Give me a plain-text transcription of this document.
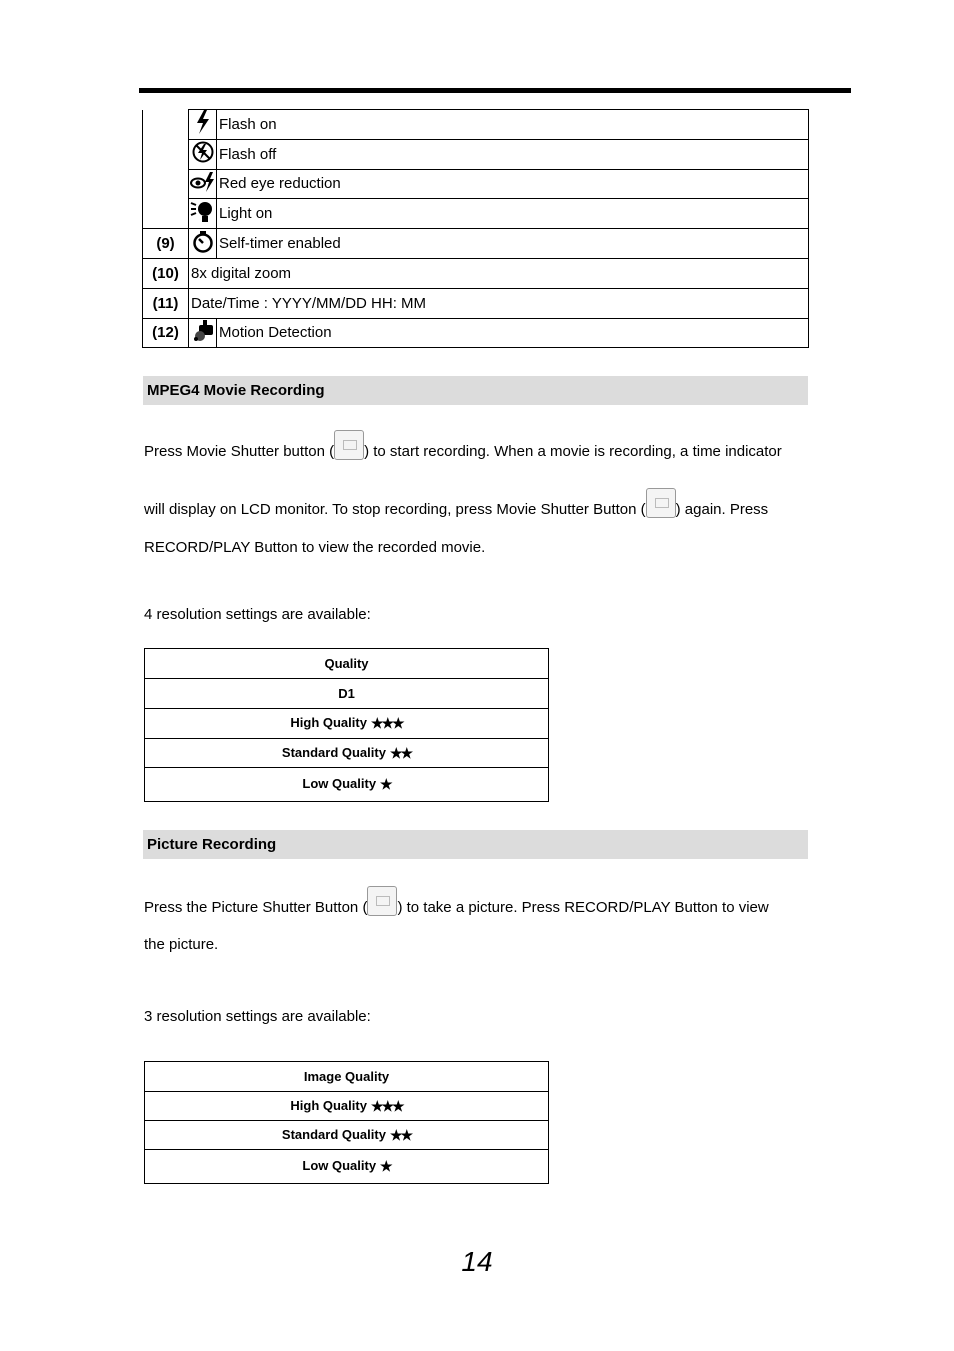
		Flash on
		Flash off
		Red eye reduction
		Light on
(9)		Self-timer enabled
(10)	8x digital zoom	
(11)	Date/Time : YYYY/MM/DD HH: MM	
(12)		Motion Detection
MPEG4 Movie Recording
Press Movie Shutter button ( ) to start recording. When a movie is recording, a time indicator
will display on LCD monitor. To stop recording, press Movie Shutter Button ( ) again. Press
RECORD/PLAY Button to view the recorded movie.
4 resolution settings are available:
Quality
D1
High Quality ★★★
Standard Quality ★★
Low Quality ★
Picture Recording
Press the Picture Shutter Button ( ) to take a picture. Press RECORD/PLAY Button to view
the picture.
3 resolution settings are available:
Image Quality
High Quality ★★★
Standard Quality ★★
Low Quality ★
14
